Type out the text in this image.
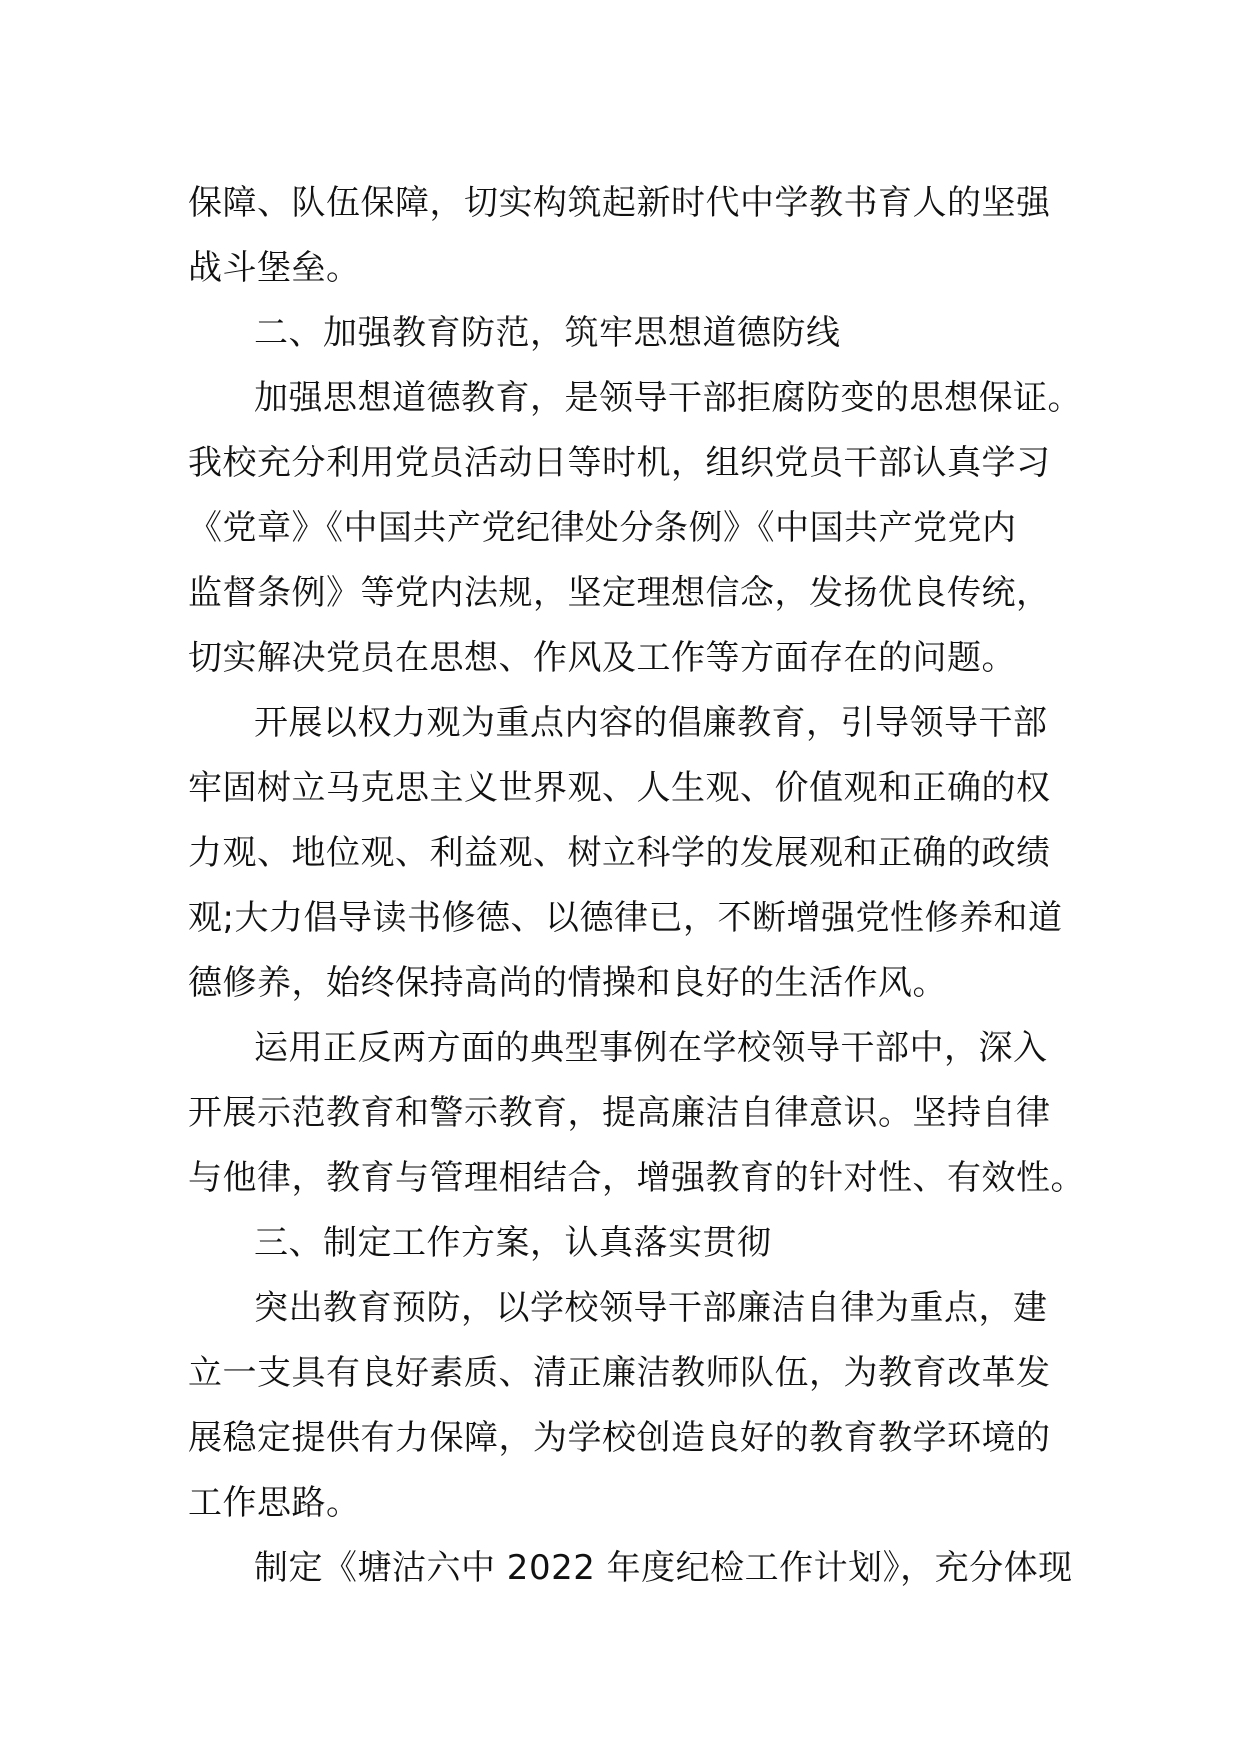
保障、队伍保障，切实构筑起新时代中学教书育人的坚强
战斗堡垒。
二、加强教育防范，筑牢思想道德防线
加强思想道德教育，是领导干部拒腐防变的思想保证。
我校充分利用党员活动日等时机，组织党员干部认真学习
《党章》《中国共产党纪律处分条例》《中国共产党党内
监督条例》等党内法规，坚定理想信念，发扬优良传统，
切实解决党员在思想、作风及工作等方面存在的问题。
开展以权力观为重点内容的倡廉教育，引导领导干部
牢固树立马克思主义世界观、人生观、价值观和正确的权
力观、地位观、利益观、树立科学的发展观和正确的政绩
观;大力倡导读书修德、以德律已，不断增强党性修养和道
德修养，始终保持高尚的情操和良好的生活作风。
运用正反两方面的典型事例在学校领导干部中，深入
开展示范教育和警示教育，提高廉洁自律意识。坚持自律
与他律，教育与管理相结合，增强教育的针对性、有效性。
三、制定工作方案，认真落实贯彻
突出教育预防，以学校领导干部廉洁自律为重点，建
立一支具有良好素质、清正廉洁教师队伍，为教育改革发
展稳定提供有力保障，为学校创造良好的教育教学环境的
工作思路。
制定《塘沽六中 2022 年度纪检工作计划》，充分体现
